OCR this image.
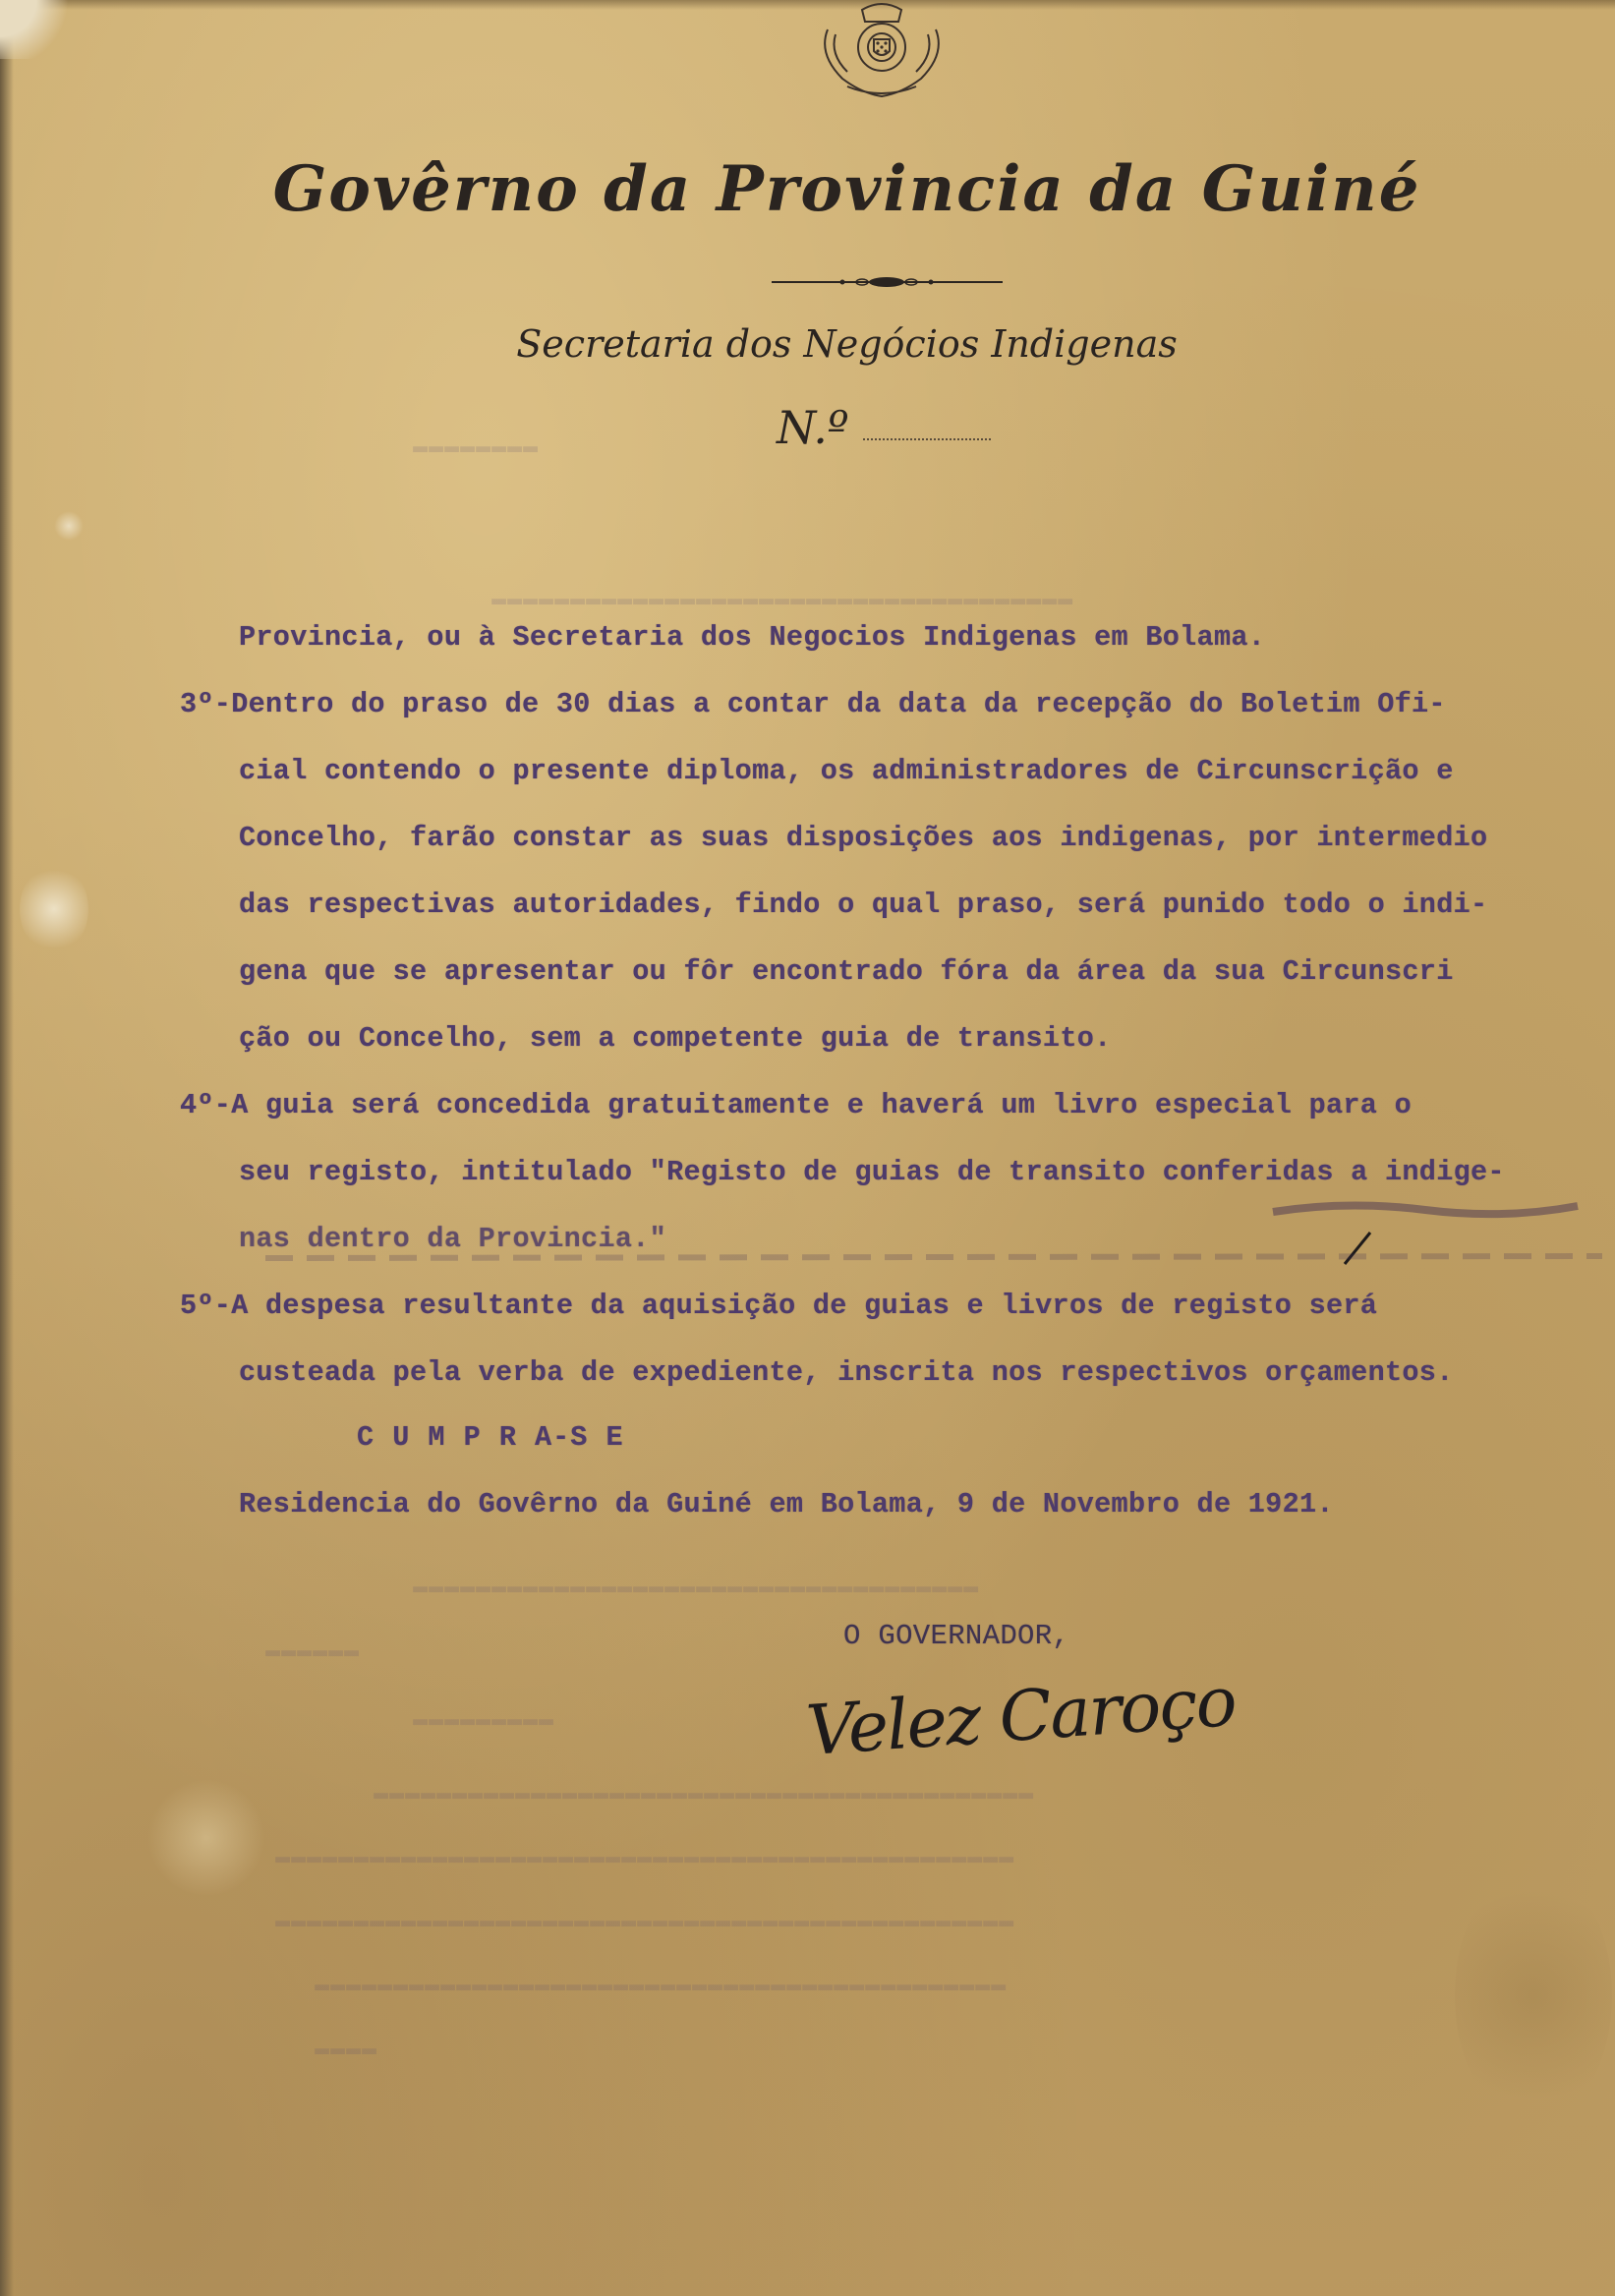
Govêrno da Provincia da Guiné
Secretaria dos Negócios Indigenas
N.º
▬▬▬▬▬▬▬▬
▬▬▬▬▬▬▬▬▬▬▬▬▬▬▬▬▬▬▬▬▬▬▬▬▬▬▬▬▬▬▬▬▬▬▬▬▬
▬▬▬▬▬▬▬▬▬▬▬▬▬▬▬▬▬▬▬▬▬▬▬▬▬▬▬▬▬▬▬▬▬▬▬▬
▬▬▬▬▬▬
▬▬▬▬▬▬▬▬▬
▬▬▬▬▬▬▬▬▬▬▬▬▬▬▬▬▬▬▬▬▬▬▬▬▬▬▬▬▬▬▬▬▬▬▬▬▬▬▬▬▬▬
▬▬▬▬▬▬▬▬▬▬▬▬▬▬▬▬▬▬▬▬▬▬▬▬▬▬▬▬▬▬▬▬▬▬▬▬▬▬▬▬▬▬▬▬▬▬▬
▬▬▬▬▬▬▬▬▬▬▬▬▬▬▬▬▬▬▬▬▬▬▬▬▬▬▬▬▬▬▬▬▬▬▬▬▬▬▬▬▬▬▬▬▬▬▬
▬▬▬▬▬▬▬▬▬▬▬▬▬▬▬▬▬▬▬▬▬▬▬▬▬▬▬▬▬▬▬▬▬▬▬▬▬▬▬▬▬▬▬▬
▬▬▬▬
Provincia, ou à Secretaria dos Negocios Indigenas em Bolama.
3º-Dentro do praso de 30 dias a contar da data da recepção do Boletim Ofi-
cial contendo o presente diploma, os administradores de Circunscrição e
Concelho, farão constar as suas disposições aos indigenas, por intermedio
das respectivas autoridades, findo o qual praso, será punido todo o indi-
gena que se apresentar ou fôr encontrado fóra da área da sua Circunscri
ção ou Concelho, sem a competente guia de transito.
4º-A guia será concedida gratuitamente e haverá um livro especial para o
seu registo, intitulado "Registo de guias de transito conferidas a indige-
nas dentro da Provincia."
5º-A despesa resultante da aquisição de guias e livros de registo será
custeada pela verba de expediente, inscrita nos respectivos orçamentos.
C U M P R A-S E
Residencia do Govêrno da Guiné em Bolama, 9 de Novembro de 1921.
O GOVERNADOR,
Velez Caroço
